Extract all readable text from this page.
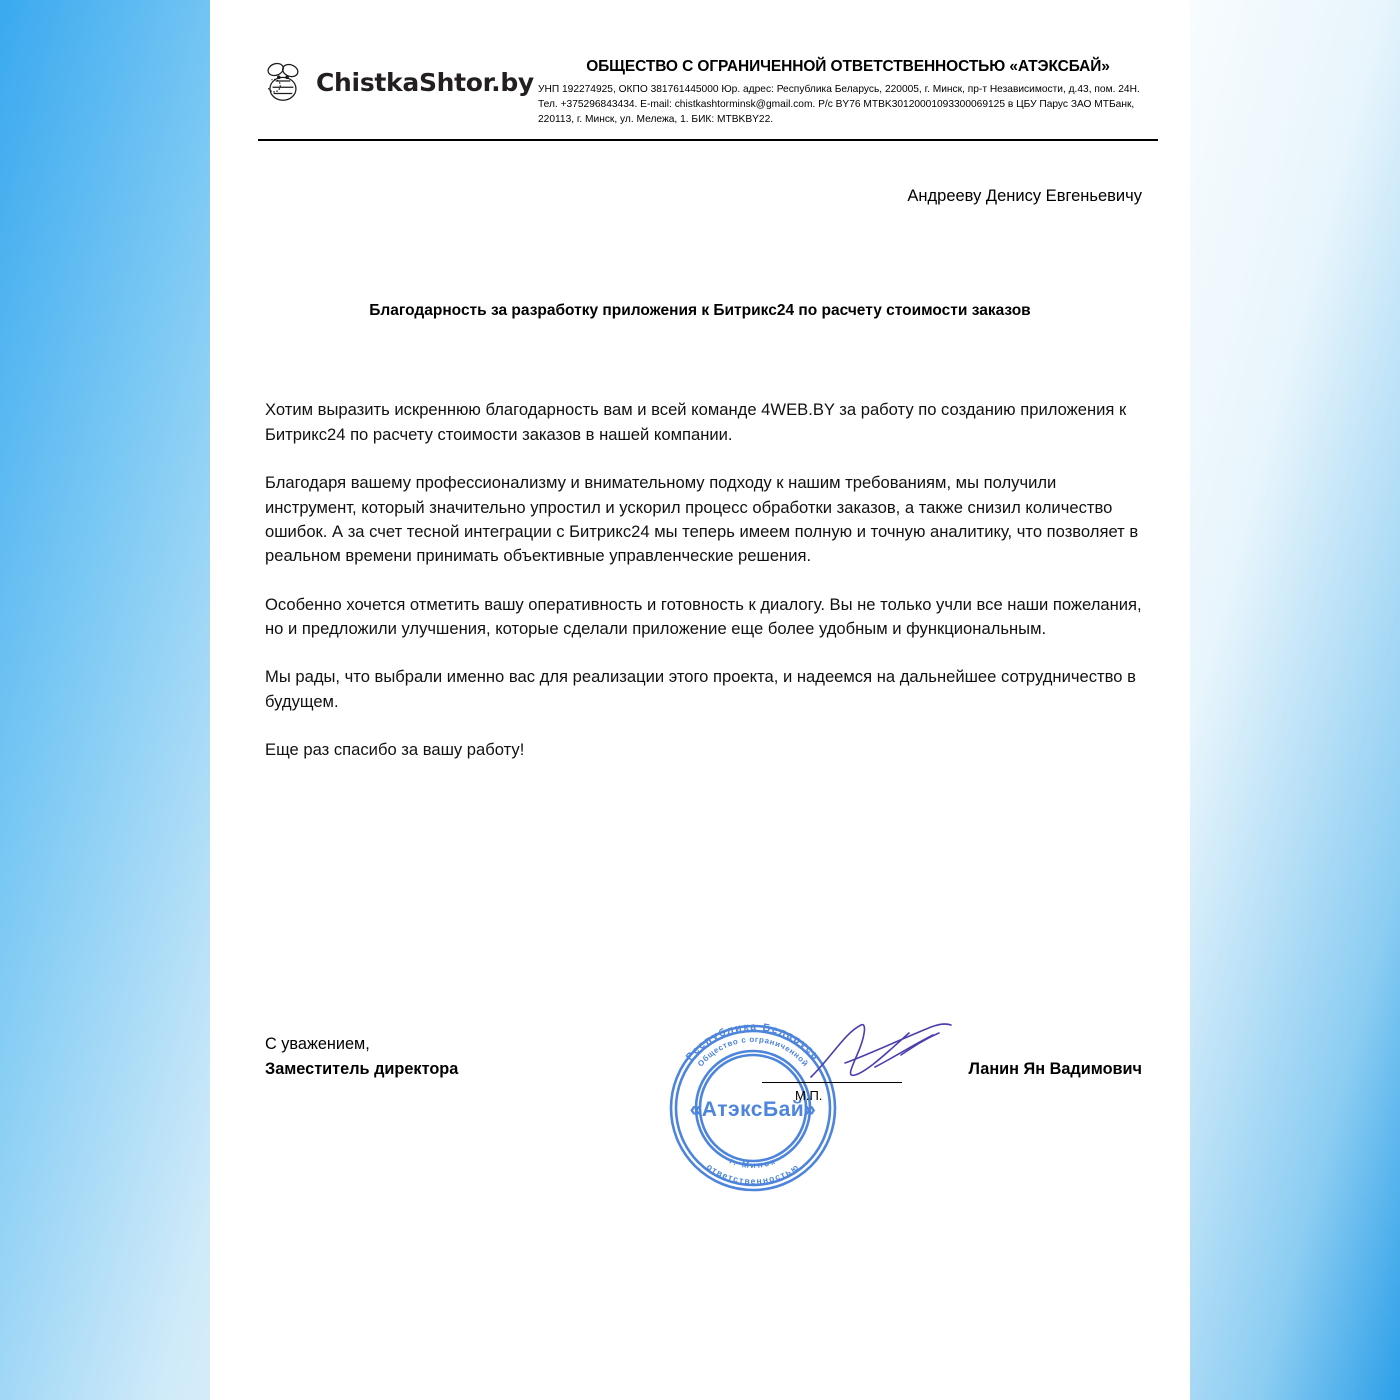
ChistkaShtor.by
ОБЩЕСТВО С ОГРАНИЧЕННОЙ ОТВЕТСТВЕННОСТЬЮ «АТЭКСБАЙ»
УНП 192274925, ОКПО 381761445000 Юр. адрес: Республика Беларусь, 220005, г. Минск, пр-т Независимости, д.43, пом. 24Н. Тел. +375296843434. E-mail: chistkashtorminsk@gmail.com. Р/с BY76 MTBK30120001093300069125 в ЦБУ Парус ЗАО МТБанк, 220113, г. Минск, ул. Мележа, 1. БИК: MTBKBY22.
Андрееву Денису Евгеньевичу
Благодарность за разработку приложения к Битрикс24 по расчету стоимости заказов

Хотим выразить искреннюю благодарность вам и всей команде 4WEB.BY за работу по созданию приложения к Битрикс24 по расчету стоимости заказов в нашей компании.

Благодаря вашему профессионализму и внимательному подходу к нашим требованиям, мы получили инструмент, который значительно упростил и ускорил процесс обработки заказов, а также снизил количество ошибок. А за счет тесной интеграции с Битрикс24 мы теперь имеем полную и точную аналитику, что позволяет в реальном времени принимать объективные управленческие решения.

Особенно хочется отметить вашу оперативность и готовность к диалогу. Вы не только учли все наши пожелания, но и предложили улучшения, которые сделали приложение еще более удобным и функциональным.

Мы рады, что выбрали именно вас для реализации этого проекта, и надеемся на дальнейшее сотрудничество в будущем.

Еще раз спасибо за вашу работу!

С уважением,
Заместитель директора
Республика Беларусь
Общество с ограниченной
ответственностью
г. Минск
«АтэксБай»
М.П.
Ланин Ян Вадимович
